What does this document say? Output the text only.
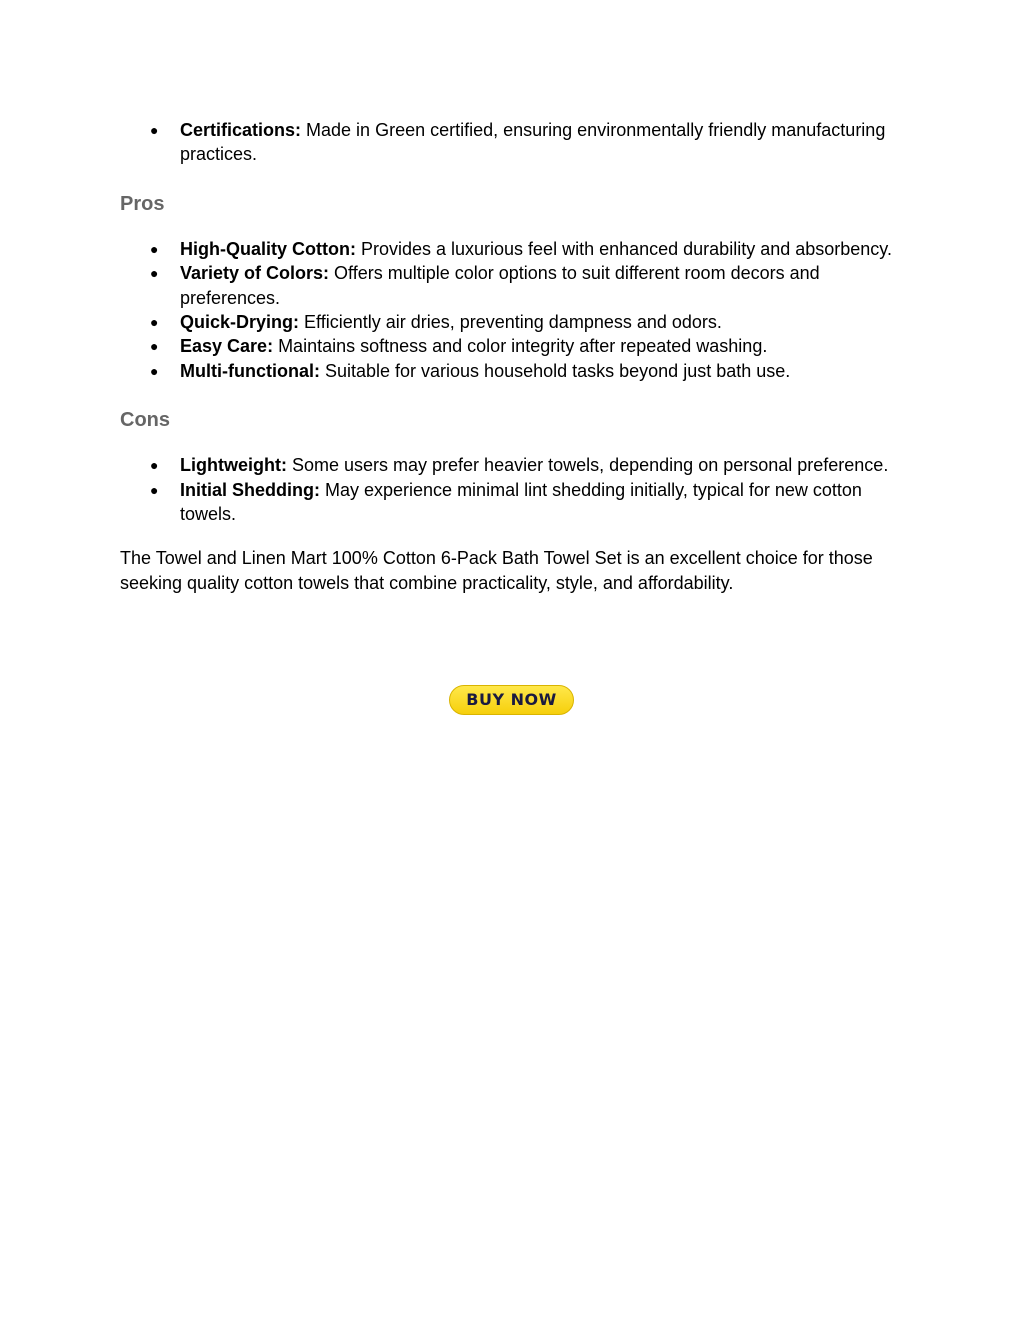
● Certifications: Made in Green certified, ensuring environmentally friendly manufacturing practices.
Pros
● High-Quality Cotton: Provides a luxurious feel with enhanced durability and absorbency.
● Variety of Colors: Offers multiple color options to suit different room decors and preferences.
● Quick-Drying: Efficiently air dries, preventing dampness and odors.
● Easy Care: Maintains softness and color integrity after repeated washing.
● Multi-functional: Suitable for various household tasks beyond just bath use.
Cons
● Lightweight: Some users may prefer heavier towels, depending on personal preference.
● Initial Shedding: May experience minimal lint shedding initially, typical for new cotton towels.

The Towel and Linen Mart 100% Cotton 6-Pack Bath Towel Set is an excellent choice for those seeking quality cotton towels that combine practicality, style, and affordability.

BUY NOW
